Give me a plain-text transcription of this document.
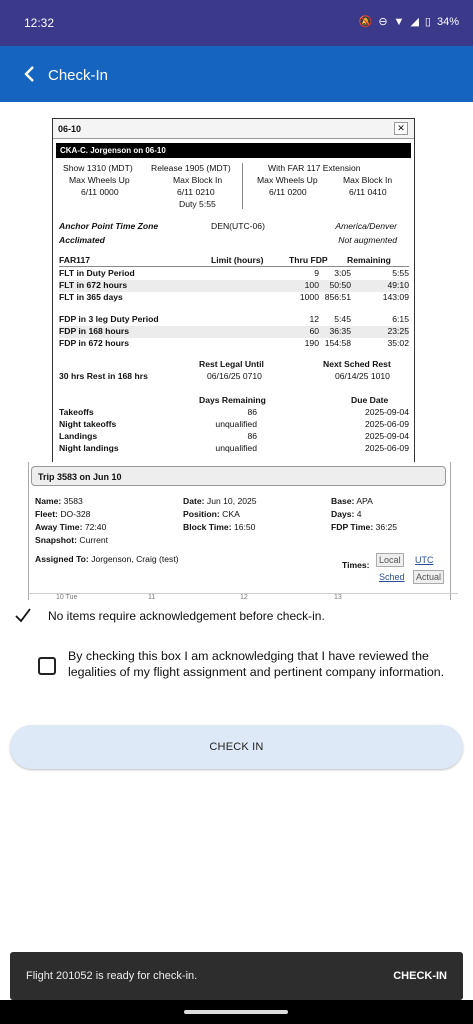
12:32	🔕 ⊖ ▼ ◢ ▯ 34%
Check-In
06-10	✕
CKA-C. Jorgenson on 06-10
Show 1310 (MDT) Release 1905 (MDT)	With FAR 117 Extension
Max Wheels Up	Max Block In	Max Wheels Up	Max Block In
6/11 0000	6/11 0210	6/11 0200	6/11 0410
Duty 5:55
Anchor Point Time Zone	DEN(UTC-06)	America/Denver
Acclimated	Not augmented
FAR117	Limit (hours)	Thru FDP Remaining
FLT in Duty Period	9 3:05	5:55
FLT in 672 hours	100 50:50	49:10
FLT in 365 days	1000 856:51	143:09
FDP in 3 leg Duty Period	12 5:45	6:15
FDP in 168 hours	60 36:35	23:25
FDP in 672 hours	190 154:58	35:02
Rest Legal Until	Next Sched Rest
30 hrs Rest in 168 hrs	06/16/25 0710	06/14/25 1010
Days Remaining	Due Date
Takeoffs	86	2025-09-04
Night takeoffs	unqualified	2025-06-09
Landings	86	2025-09-04
Night landings	unqualified	2025-06-09
Trip 3583 on Jun 10
Name: 3583
Fleet: DO-328
Away Time: 72:40
Snapshot: Current
Date: Jun 10, 2025
Position: CKA
Block Time: 16:50
Base: APA
Days: 4
FDP Time: 36:25
Assigned To: Jorgenson, Craig (test)
Times:	Local	UTC
Sched	Actual
10 Tue	11	12	13
No items require acknowledgement before check-in.
By checking this box I am acknowledging that I have reviewed the legalities of my flight assignment and pertinent company information.
CHECK IN
Flight 201052 is ready for check-in.	CHECK-IN
